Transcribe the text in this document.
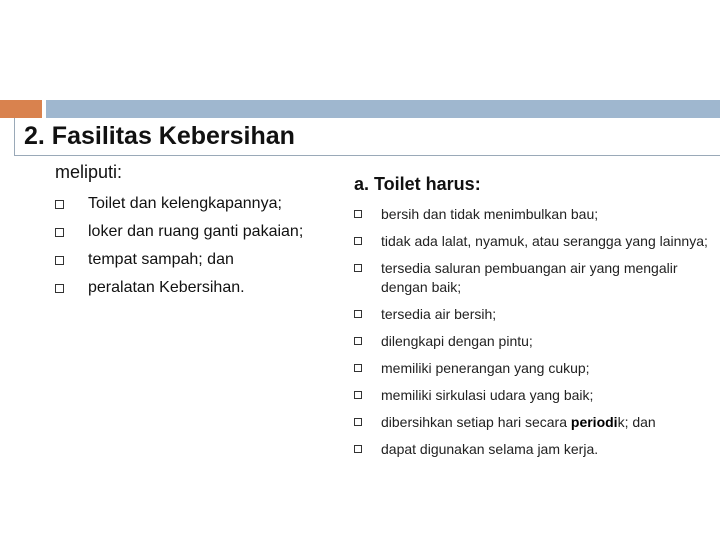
2. Fasilitas Kebersihan

meliputi:

Toilet dan kelengkapannya;
loker dan ruang ganti pakaian;
tempat sampah; dan
peralatan Kebersihan.

a. Toilet harus:

bersih dan tidak menimbulkan bau;
tidak ada lalat, nyamuk, atau serangga yang lainnya;
tersedia saluran pembuangan air yang mengalir dengan baik;
tersedia air bersih;
dilengkapi dengan pintu;
memiliki penerangan yang cukup;
memiliki sirkulasi udara yang baik;
dibersihkan setiap hari secara periodik; dan
dapat digunakan selama jam kerja.
